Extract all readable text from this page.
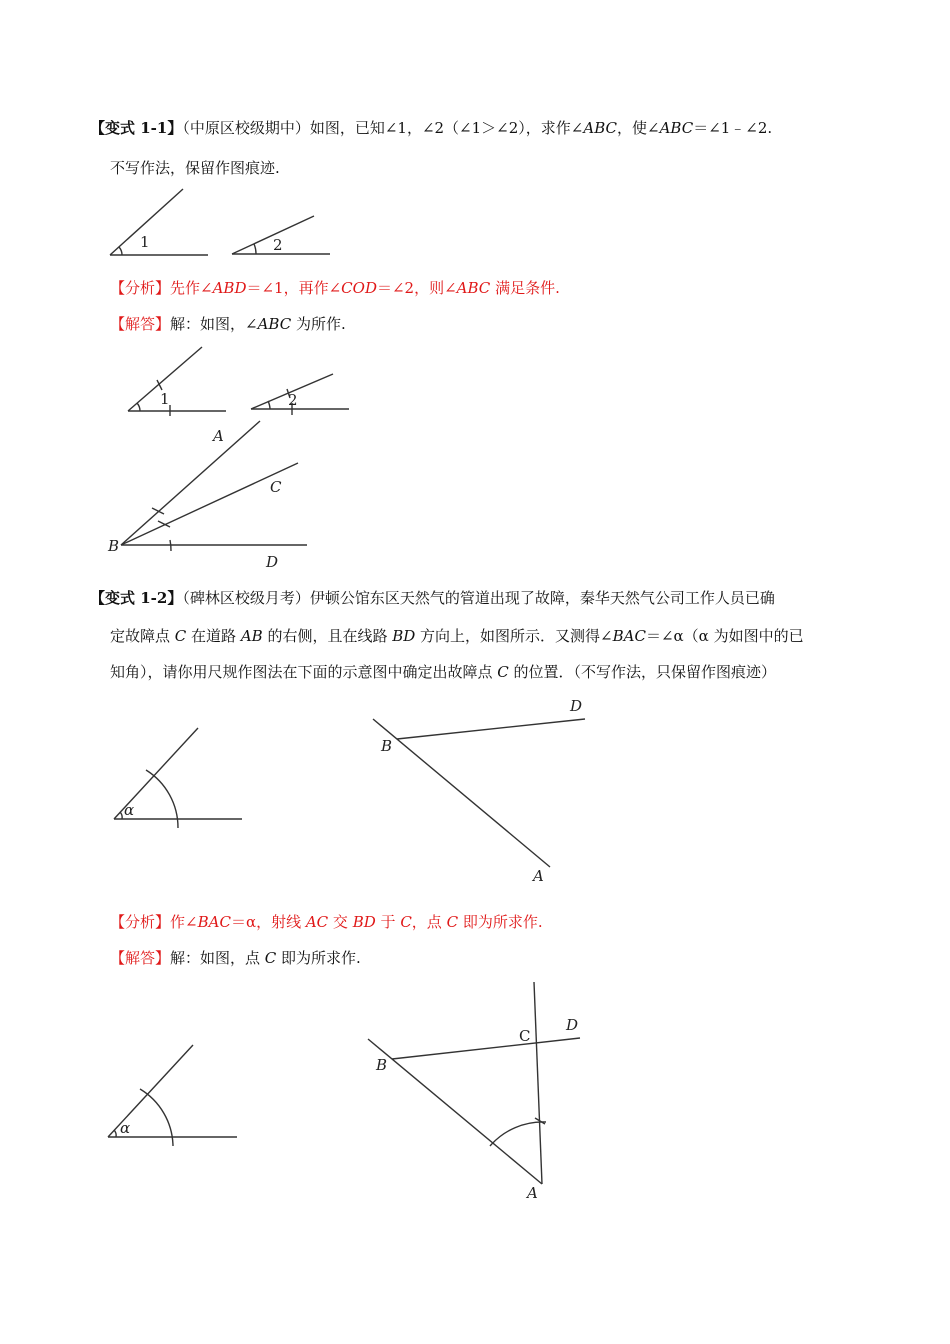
【变式 1-1】（中原区校级期中）如图，已知∠1，∠2（∠1＞∠2），求作∠ABC，使∠ABC＝∠1﹣∠2.
不写作法，保留作图痕迹.
【分析】先作∠ABD＝∠1，再作∠COD＝∠2，则∠ABC 满足条件.
【解答】解：如图，∠ABC 为所作.
【变式 1-2】（碑林区校级月考）伊顿公馆东区天然气的管道出现了故障，秦华天然气公司工作人员已确
定故障点 C 在道路 AB 的右侧，且在线路 BD 方向上，如图所示．又测得∠BAC＝∠α（α 为如图中的已
知角），请你用尺规作图法在下面的示意图中确定出故障点 C 的位置．（不写作法，只保留作图痕迹）
【分析】作∠BAC＝α，射线 AC 交 BD 于 C，点 C 即为所求作.
【解答】解：如图，点 C 即为所求作.
1	2
1	2
A
C
B
D
α
D
B
A
α
C
D
B
A
